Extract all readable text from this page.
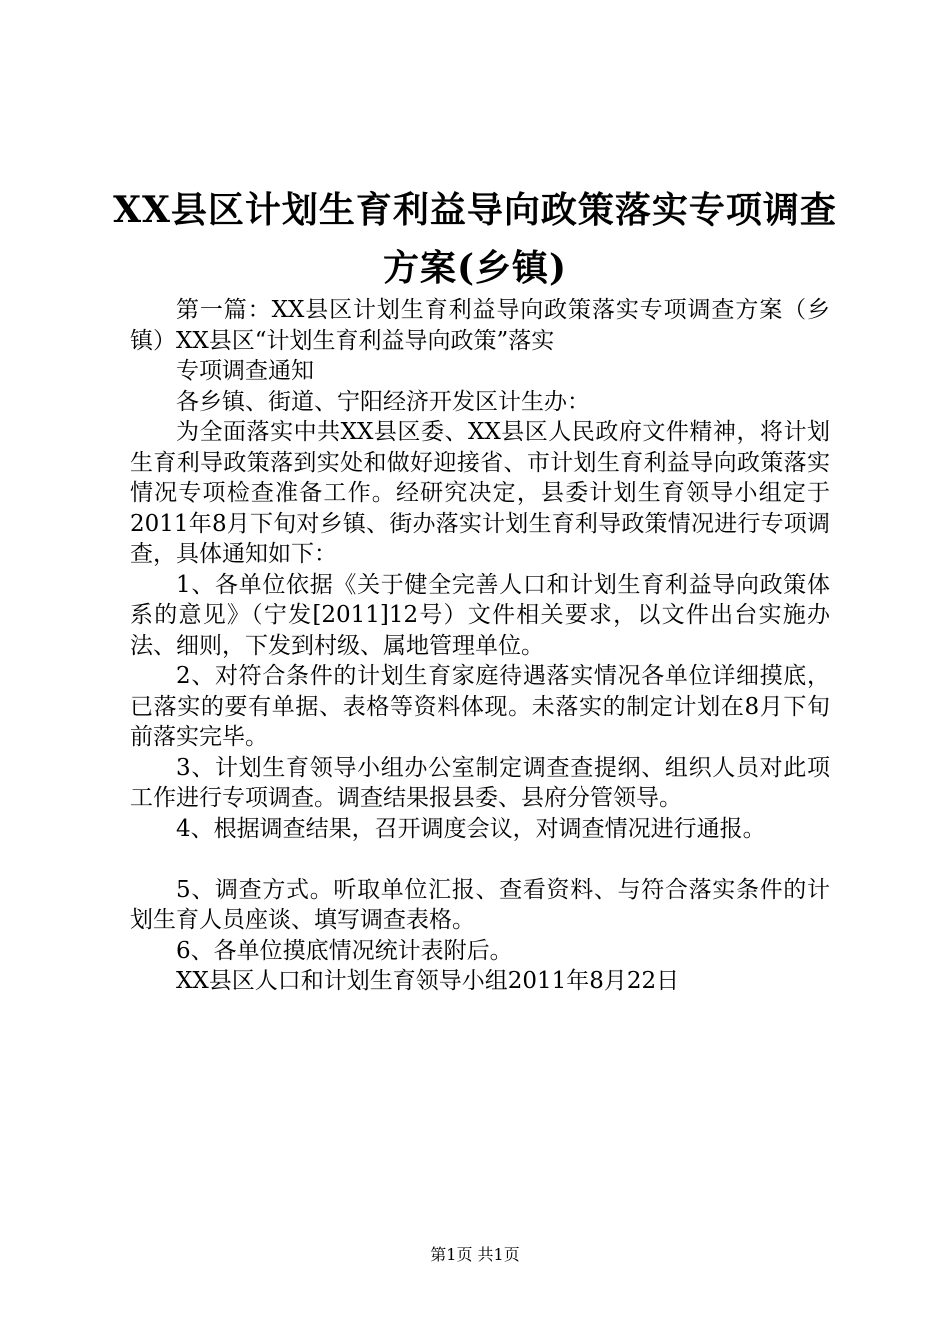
XX县区计划生育利益导向政策落实专项调查
方案(乡镇)

第一篇：XX县区计划生育利益导向政策落实专项调查方案（乡镇）XX县区“计划生育利益导向政策”落实

专项调查通知

各乡镇、街道、宁阳经济开发区计生办：

为全面落实中共XX县区委、XX县区人民政府文件精神，将计划生育利导政策落到实处和做好迎接省、市计划生育利益导向政策落实情况专项检查准备工作。经研究决定，县委计划生育领导小组定于2011年8月下旬对乡镇、街办落实计划生育利导政策情况进行专项调查，具体通知如下：

1、各单位依据《关于健全完善人口和计划生育利益导向政策体系的意见》（宁发[2011]12号）文件相关要求，以文件出台实施办法、细则，下发到村级、属地管理单位。

2、对符合条件的计划生育家庭待遇落实情况各单位详细摸底，已落实的要有单据、表格等资料体现。未落实的制定计划在8月下旬前落实完毕。

3、计划生育领导小组办公室制定调查查提纲、组织人员对此项工作进行专项调查。调查结果报县委、县府分管领导。

4、根据调查结果，召开调度会议，对调查情况进行通报。

5、调查方式。听取单位汇报、查看资料、与符合落实条件的计划生育人员座谈、填写调查表格。

6、各单位摸底情况统计表附后。

XX县区人口和计划生育领导小组2011年8月22日

第1页 共1页
